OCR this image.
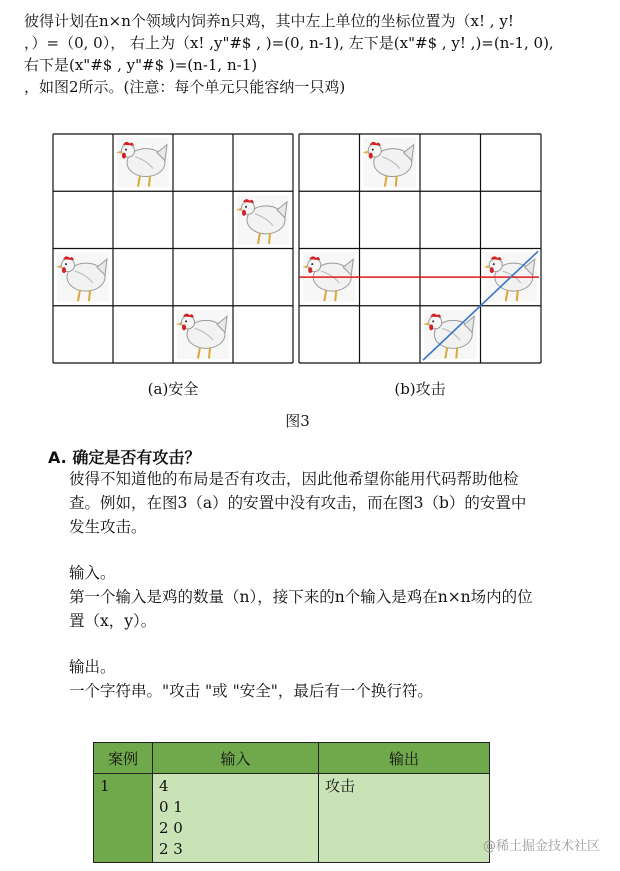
彼得计划在n×n个领域内饲养n只鸡，其中左上单位的坐标位置为（x! , y!
，）=（0, 0）， 右上为（x! ,y"#$ , )=(0, n-1), 左下是(x"#$ , y! ,)=(n-1, 0),
右下是(x"#$ , y"#$ )=(n-1, n-1)
，如图2所示。(注意：每个单元只能容纳一只鸡)
(a)安全	(b)攻击
图3
A. 确定是否有攻击？
彼得不知道他的布局是否有攻击，因此他希望你能用代码帮助他检
查。例如，在图3（a）的安置中没有攻击，而在图3（b）的安置中
发生攻击。
输入。
第一个输入是鸡的数量（n），接下来的n个输入是鸡在n×n场内的位
置（x，y）。
输出。
一个字符串。"攻击 "或 "安全"，最后有一个换行符。
案例	输入	输出
1	4
0 1
2 0
2 3	攻击
@稀土掘金技术社区
